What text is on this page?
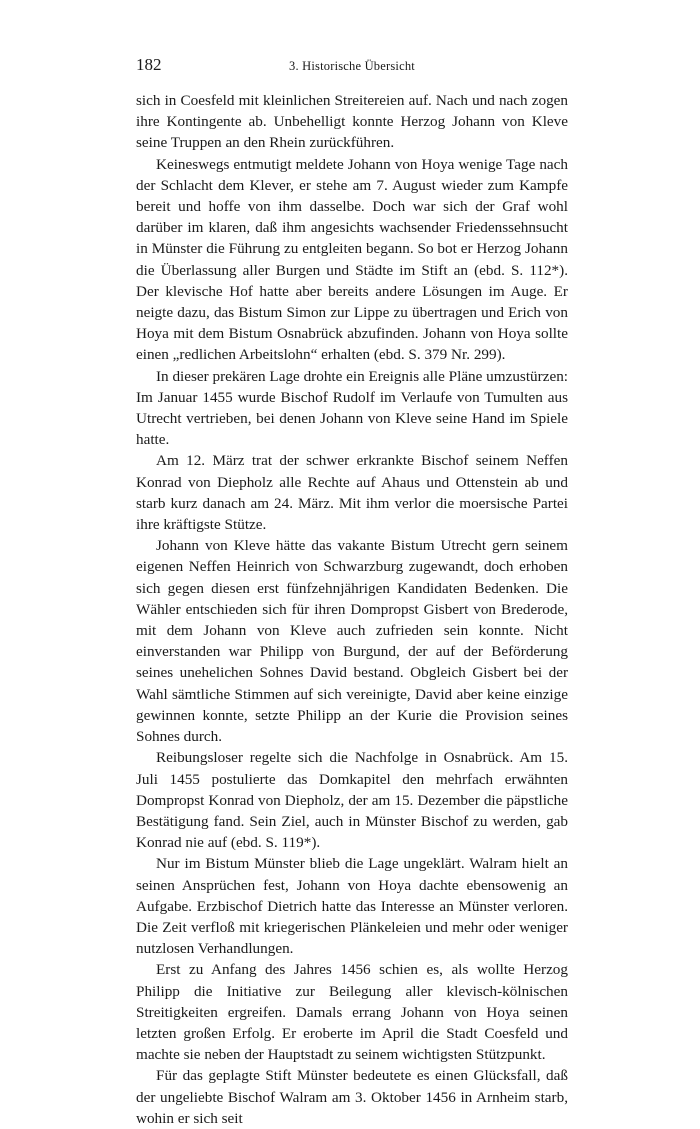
182	3. Historische Übersicht

sich in Coesfeld mit kleinlichen Streitereien auf. Nach und nach zogen ihre Kontingente ab. Unbehelligt konnte Herzog Johann von Kleve seine Truppen an den Rhein zurückführen.

Keineswegs entmutigt meldete Johann von Hoya wenige Tage nach der Schlacht dem Klever, er stehe am 7. August wieder zum Kampfe bereit und hoffe von ihm dasselbe. Doch war sich der Graf wohl darüber im klaren, daß ihm angesichts wachsender Friedenssehnsucht in Münster die Führung zu entgleiten begann. So bot er Herzog Johann die Überlassung aller Burgen und Städte im Stift an (ebd. S. 112*). Der klevische Hof hatte aber bereits andere Lösungen im Auge. Er neigte dazu, das Bistum Simon zur Lippe zu übertragen und Erich von Hoya mit dem Bistum Osnabrück abzufinden. Johann von Hoya sollte einen „redlichen Arbeitslohn“ erhalten (ebd. S. 379 Nr. 299).

In dieser prekären Lage drohte ein Ereignis alle Pläne umzustürzen: Im Januar 1455 wurde Bischof Rudolf im Verlaufe von Tumulten aus Utrecht vertrieben, bei denen Johann von Kleve seine Hand im Spiele hatte.

Am 12. März trat der schwer erkrankte Bischof seinem Neffen Konrad von Diepholz alle Rechte auf Ahaus und Ottenstein ab und starb kurz danach am 24. März. Mit ihm verlor die moersische Partei ihre kräftigste Stütze.

Johann von Kleve hätte das vakante Bistum Utrecht gern seinem eigenen Neffen Heinrich von Schwarzburg zugewandt, doch erhoben sich gegen diesen erst fünfzehnjährigen Kandidaten Bedenken. Die Wähler entschieden sich für ihren Dompropst Gisbert von Brederode, mit dem Johann von Kleve auch zufrieden sein konnte. Nicht einverstanden war Philipp von Burgund, der auf der Beförderung seines unehelichen Sohnes David bestand. Obgleich Gisbert bei der Wahl sämtliche Stimmen auf sich vereinigte, David aber keine einzige gewinnen konnte, setzte Philipp an der Kurie die Provision seines Sohnes durch.

Reibungsloser regelte sich die Nachfolge in Osnabrück. Am 15. Juli 1455 postulierte das Domkapitel den mehrfach erwähnten Dompropst Konrad von Diepholz, der am 15. Dezember die päpstliche Bestätigung fand. Sein Ziel, auch in Münster Bischof zu werden, gab Konrad nie auf (ebd. S. 119*).

Nur im Bistum Münster blieb die Lage ungeklärt. Walram hielt an seinen Ansprüchen fest, Johann von Hoya dachte ebensowenig an Aufgabe. Erzbischof Dietrich hatte das Interesse an Münster verloren. Die Zeit verfloß mit kriegerischen Plänkeleien und mehr oder weniger nutzlosen Verhandlungen.

Erst zu Anfang des Jahres 1456 schien es, als wollte Herzog Philipp die Initiative zur Beilegung aller klevisch-kölnischen Streitigkeiten ergreifen. Damals errang Johann von Hoya seinen letzten großen Erfolg. Er eroberte im April die Stadt Coesfeld und machte sie neben der Hauptstadt zu seinem wichtigsten Stützpunkt.

Für das geplagte Stift Münster bedeutete es einen Glücksfall, daß der ungeliebte Bischof Walram am 3. Oktober 1456 in Arnheim starb, wohin er sich seit
